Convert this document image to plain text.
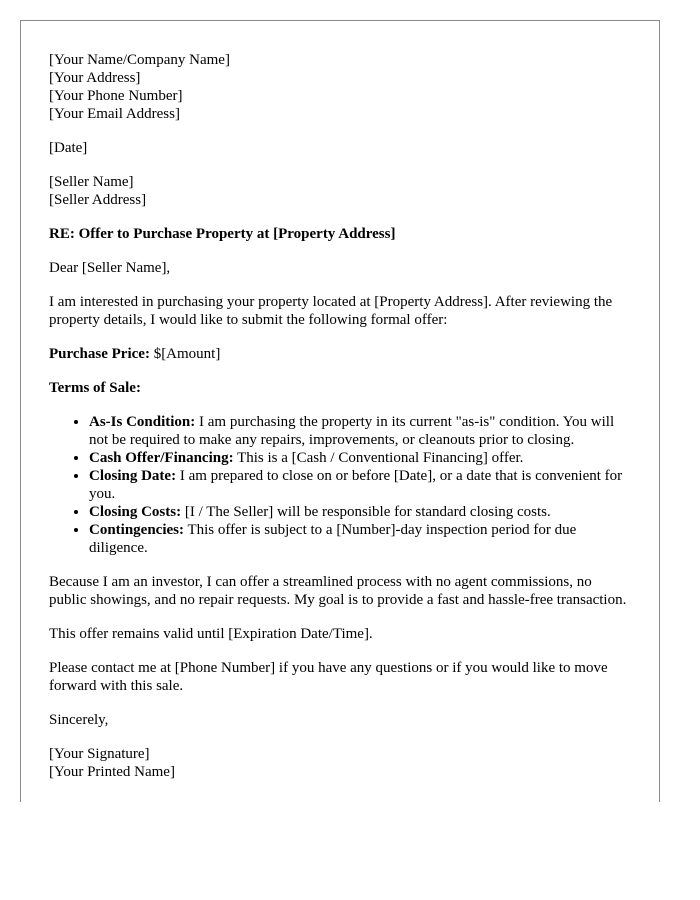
[Your Name/Company Name]
[Your Address]
[Your Phone Number]
[Your Email Address]
[Date]
[Seller Name]
[Seller Address]
RE: Offer to Purchase Property at [Property Address]
Dear [Seller Name],
I am interested in purchasing your property located at [Property Address]. After reviewing the property details, I would like to submit the following formal offer:
Purchase Price: $[Amount]
Terms of Sale:
• As-Is Condition: I am purchasing the property in its current "as-is" condition. You will not be required to make any repairs, improvements, or cleanouts prior to closing.
• Cash Offer/Financing: This is a [Cash / Conventional Financing] offer.
• Closing Date: I am prepared to close on or before [Date], or a date that is convenient for you.
• Closing Costs: [I / The Seller] will be responsible for standard closing costs.
• Contingencies: This offer is subject to a [Number]-day inspection period for due diligence.
Because I am an investor, I can offer a streamlined process with no agent commissions, no public showings, and no repair requests. My goal is to provide a fast and hassle-free transaction.
This offer remains valid until [Expiration Date/Time].
Please contact me at [Phone Number] if you have any questions or if you would like to move forward with this sale.
Sincerely,
[Your Signature]
[Your Printed Name]
